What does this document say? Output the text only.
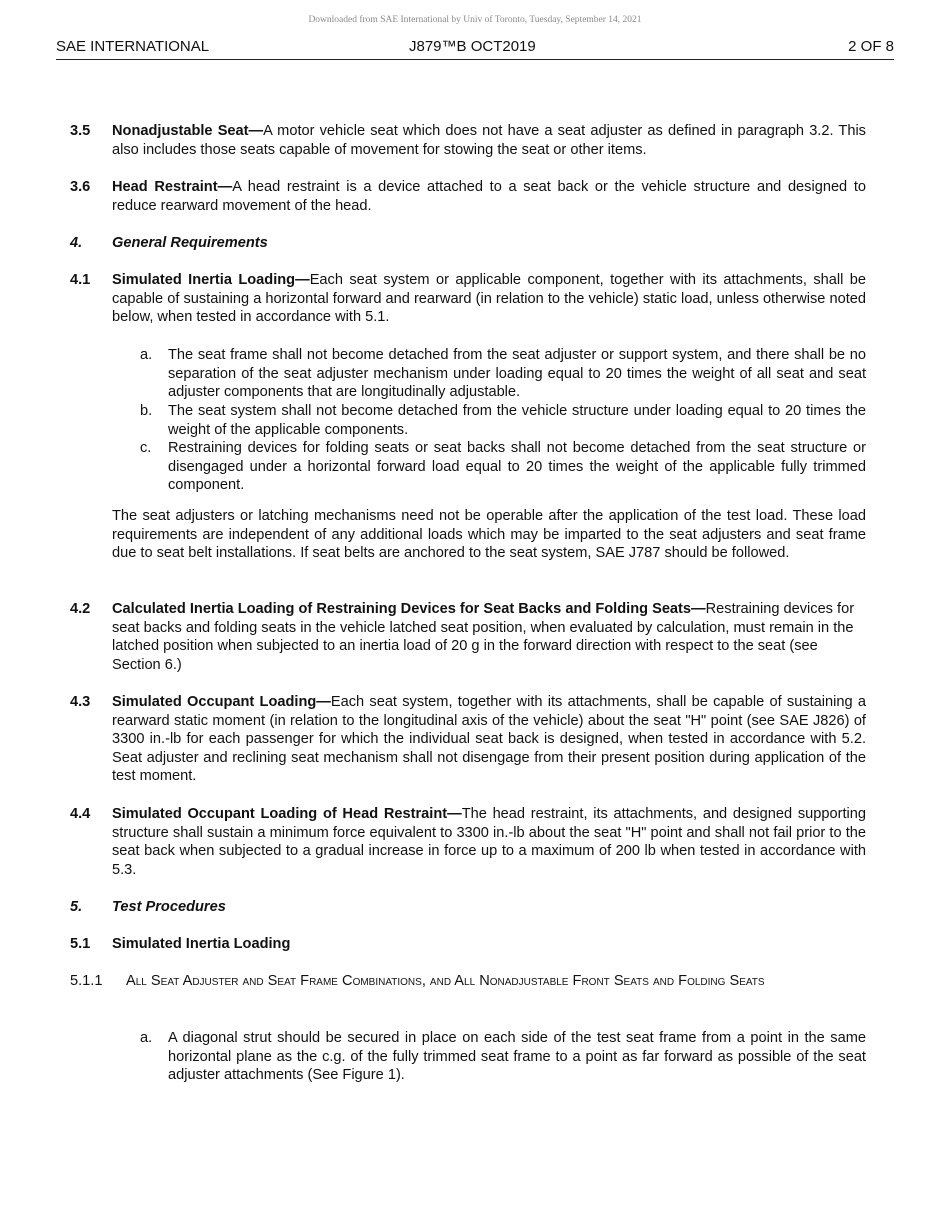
Downloaded from SAE International by Univ of Toronto, Tuesday, September 14, 2021
SAE INTERNATIONAL	J879™B OCT2019	2 OF 8
3.5 Nonadjustable Seat—A motor vehicle seat which does not have a seat adjuster as defined in paragraph 3.2. This also includes those seats capable of movement for stowing the seat or other items.
3.6 Head Restraint—A head restraint is a device attached to a seat back or the vehicle structure and designed to reduce rearward movement of the head.
4. General Requirements
4.1 Simulated Inertia Loading—Each seat system or applicable component, together with its attachments, shall be capable of sustaining a horizontal forward and rearward (in relation to the vehicle) static load, unless otherwise noted below, when tested in accordance with 5.1.
a. The seat frame shall not become detached from the seat adjuster or support system, and there shall be no separation of the seat adjuster mechanism under loading equal to 20 times the weight of all seat and seat adjuster components that are longitudinally adjustable.
b. The seat system shall not become detached from the vehicle structure under loading equal to 20 times the weight of the applicable components.
c. Restraining devices for folding seats or seat backs shall not become detached from the seat structure or disengaged under a horizontal forward load equal to 20 times the weight of the applicable fully trimmed component.
The seat adjusters or latching mechanisms need not be operable after the application of the test load. These load requirements are independent of any additional loads which may be imparted to the seat adjusters and seat frame due to seat belt installations. If seat belts are anchored to the seat system, SAE J787 should be followed.
4.2 Calculated Inertia Loading of Restraining Devices for Seat Backs and Folding Seats—Restraining devices for seat backs and folding seats in the vehicle latched seat position, when evaluated by calculation, must remain in the latched position when subjected to an inertia load of 20 g in the forward direction with respect to the seat (see Section 6.)
4.3 Simulated Occupant Loading—Each seat system, together with its attachments, shall be capable of sustaining a rearward static moment (in relation to the longitudinal axis of the vehicle) about the seat "H" point (see SAE J826) of 3300 in.-lb for each passenger for which the individual seat back is designed, when tested in accordance with 5.2. Seat adjuster and reclining seat mechanism shall not disengage from their present position during application of the test moment.
4.4 Simulated Occupant Loading of Head Restraint—The head restraint, its attachments, and designed supporting structure shall sustain a minimum force equivalent to 3300 in.-lb about the seat "H" point and shall not fail prior to the seat back when subjected to a gradual increase in force up to a maximum of 200 lb when tested in accordance with 5.3.
5. Test Procedures
5.1 Simulated Inertia Loading
5.1.1 All Seat Adjuster and Seat Frame Combinations, and All Nonadjustable Front Seats and Folding Seats
a. A diagonal strut should be secured in place on each side of the test seat frame from a point in the same horizontal plane as the c.g. of the fully trimmed seat frame to a point as far forward as possible of the seat adjuster attachments (See Figure 1).
